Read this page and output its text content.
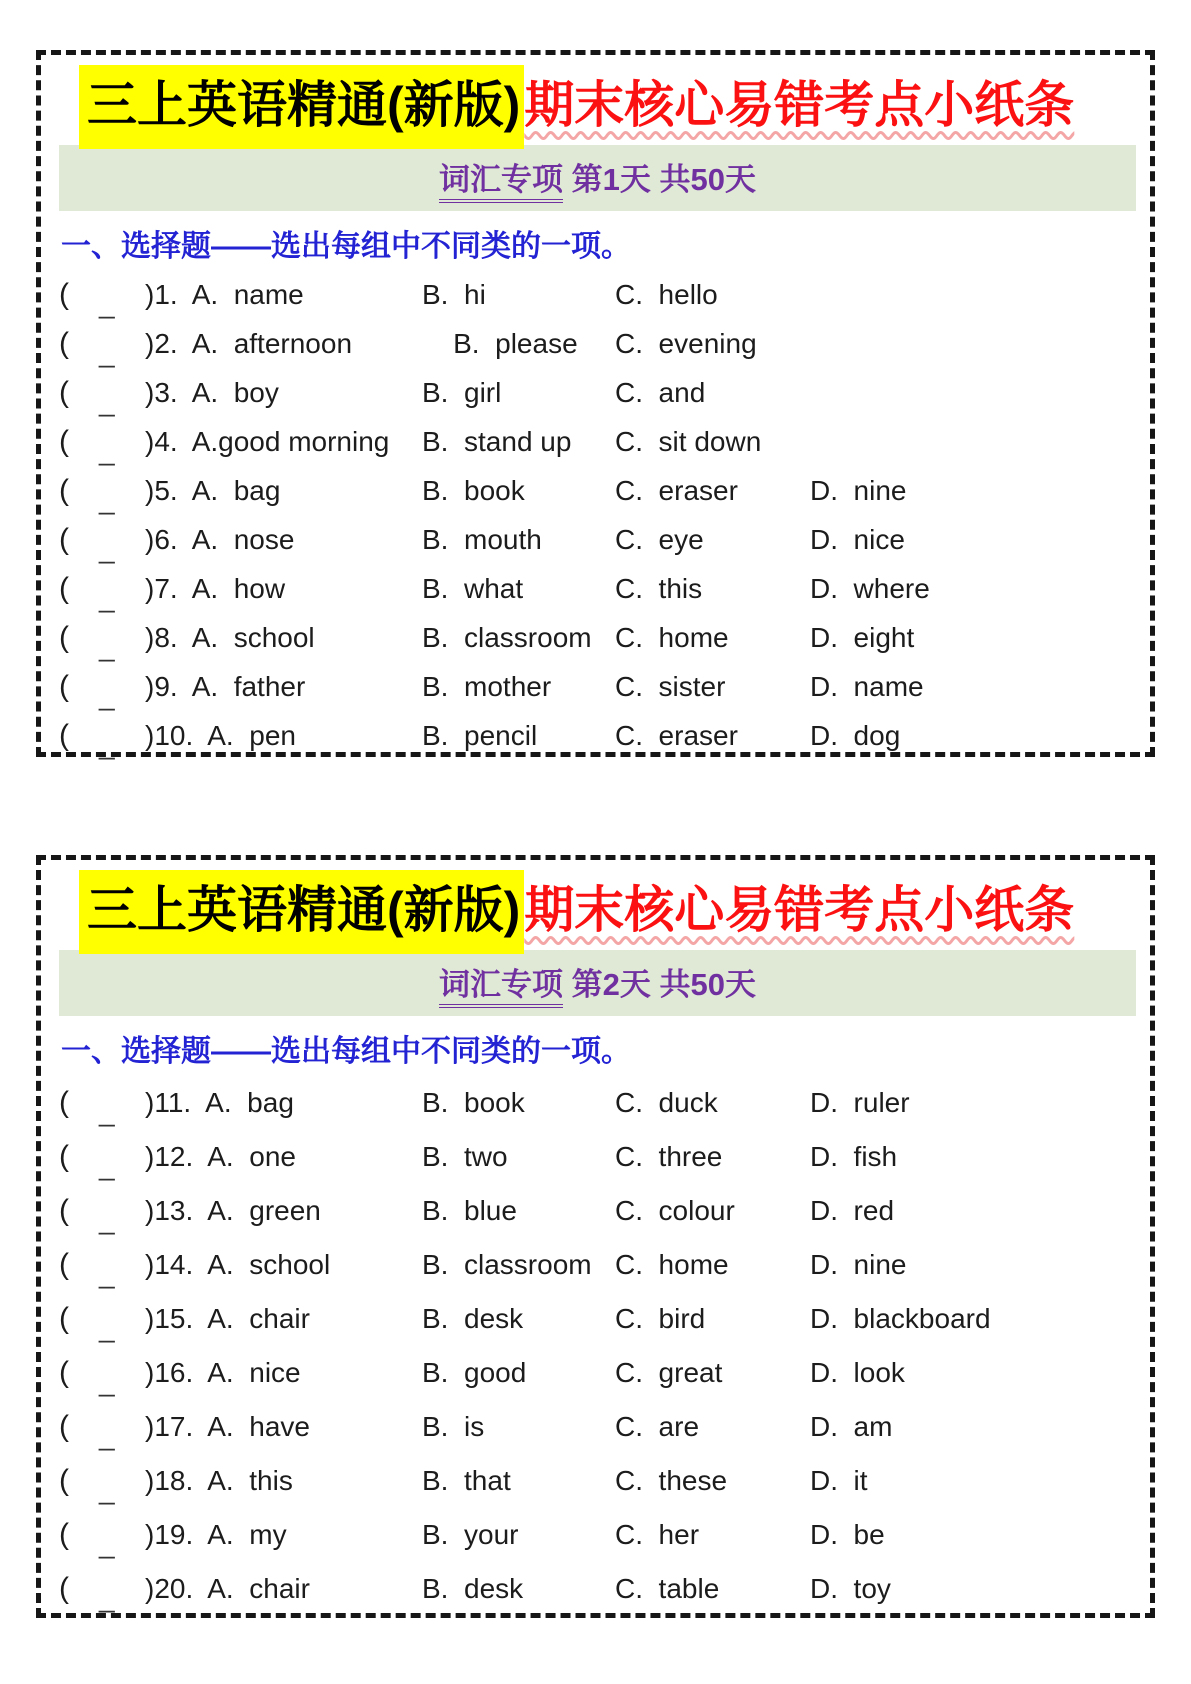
三上英语精通(新版)期末核心易错考点小纸条
词汇专项 第1天 共50天
一、选择题——选出每组中不同类的一项。
(	_	)1. A.  name	B.  hi	C.  hello
(	_	)2. A.  afternoon	B.  please	C.  evening
(	_	)3. A.  boy	B.  girl	C.  and
(	_	)4. A.good morning	B.  stand up	C.  sit down
(	_	)5. A.  bag	B.  book	C.  eraser	D.  nine
(	_	)6. A.  nose	B.  mouth	C.  eye	D.  nice
(	_	)7. A.  how	B.  what	C.  this	D.  where
(	_	)8. A.  school	B.  classroom C.  home	D.  eight
(	_	)9. A.  father	B.  mother	C.  sister	D.  name
(	_	)10. A.  pen	B.  pencil	C.  eraser	D.  dog
三上英语精通(新版)期末核心易错考点小纸条
词汇专项 第2天 共50天
一、选择题——选出每组中不同类的一项。
(	_	)11. A.  bag	B.  book	C.  duck	D.  ruler
(	_	)12. A.  one	B.  two	C.  three	D.  fish
(	_	)13. A.  green	B.  blue	C.  colour	D.  red
(	_	)14. A.  school	B.  classroom C.  home	D.  nine
(	_	)15. A.  chair	B.  desk	C.  bird	D.  blackboard
(	_	)16. A.  nice	B.  good	C.  great	D.  look
(	_	)17. A.  have	B.  is	C.  are	D.  am
(	_	)18. A.  this	B.  that	C.  these	D.  it
(	_	)19. A.  my	B.  your	C.  her	D.  be
(	_	)20. A.  chair	B.  desk	C.  table	D.  toy
